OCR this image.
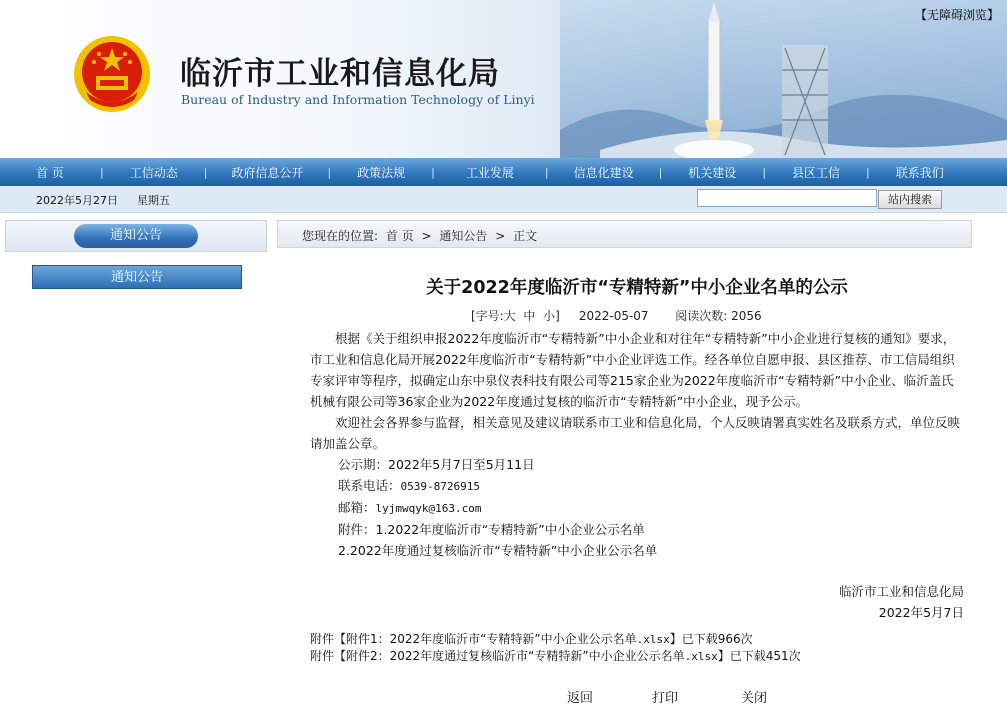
【无障碍浏览】
临沂市工业和信息化局
Bureau of Industry and Information Technology of Linyi
首 页	|	工信动态	|	政府信息公开	|	政策法规	|	工业发展	|	信息化建设	|	机关建设	|	县区工信	|	联系我们
2022年5月27日 星期五	站内搜索
通知公告
通知公告
您现在的位置: 首 页 > 通知公告 > 正文
关于2022年度临沂市“专精特新”中小企业名单的公示
[字号:大 中 小] 2022-05-07 阅读次数: 2056

根据《关于组织申报2022年度临沂市“专精特新”中小企业和对往年“专精特新”中小企业进行复核的通知》要求，市工业和信息化局开展2022年度临沂市“专精特新”中小企业评选工作。经各单位自愿申报、县区推荐、市工信局组织专家评审等程序，拟确定山东中泉仪表科技有限公司等215家企业为2022年度临沂市“专精特新”中小企业、临沂盖氏机械有限公司等36家企业为2022年度通过复核的临沂市“专精特新”中小企业，现予公示。

欢迎社会各界参与监督，相关意见及建议请联系市工业和信息化局，个人反映请署真实姓名及联系方式，单位反映请加盖公章。

公示期：2022年5月7日至5月11日
联系电话：0539-8726915
邮箱：lyjmwqyk@163.com
附件：1.2022年度临沂市“专精特新”中小企业公示名单
2.2022年度通过复核临沂市“专精特新”中小企业公示名单
临沂市工业和信息化局
2022年5月7日
附件【附件1：2022年度临沂市“专精特新”中小企业公示名单.xlsx】已下载966次
附件【附件2：2022年度通过复核临沂市“专精特新”中小企业公示名单.xlsx】已下载451次
返回	打印	关闭
